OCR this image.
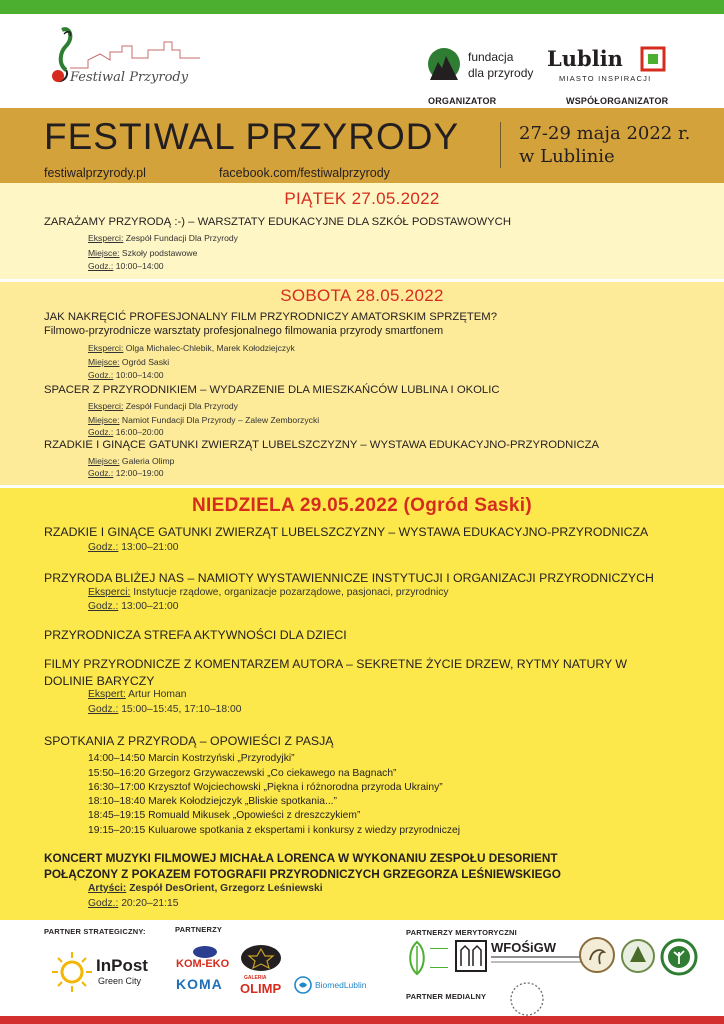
Festiwal Przyrody
fundacja
dla przyrody
Lublin
MIASTO INSPIRACJI
ORGANIZATOR	WSPÓŁORGANIZATOR
FESTIWAL PRZYRODY	27-29 maja 2022 r.
w Lublinie
festiwalprzyrody.pl	facebook.com/festiwalprzyrody
PIĄTEK 27.05.2022
ZARAŻAMY PRZYRODĄ :-) – WARSZTATY EDUKACYJNE DLA SZKÓŁ PODSTAWOWYCH
Eksperci: Zespół Fundacji Dla Przyrody
Miejsce: Szkoły podstawowe
Godz.: 10:00–14:00
SOBOTA 28.05.2022
JAK NAKRĘCIĆ PROFESJONALNY FILM PRZYRODNICZY AMATORSKIM SPRZĘTEM?
Filmowo-przyrodnicze warsztaty profesjonalnego filmowania przyrody smartfonem
Eksperci: Olga Michalec-Chlebik, Marek Kołodziejczyk
Miejsce: Ogród Saski
Godz.: 10:00–14:00
SPACER Z PRZYRODNIKIEM – WYDARZENIE DLA MIESZKAŃCÓW LUBLINA I OKOLIC
Eksperci: Zespół Fundacji Dla Przyrody
Miejsce: Namiot Fundacji Dla Przyrody – Zalew Zemborzycki
Godz.: 16:00–20:00
RZADKIE I GINĄCE GATUNKI ZWIERZĄT LUBELSZCZYZNY – WYSTAWA EDUKACYJNO-PRZYRODNICZA
Miejsce: Galeria Olimp
Godz.: 12:00–19:00
NIEDZIELA 29.05.2022 (Ogród Saski)
RZADKIE I GINĄCE GATUNKI ZWIERZĄT LUBELSZCZYZNY – WYSTAWA EDUKACYJNO-PRZYRODNICZA
Godz.: 13:00–21:00
PRZYRODA BLIŻEJ NAS – NAMIOTY WYSTAWIENNICZE INSTYTUCJI I ORGANIZACJI PRZYRODNICZYCH
Eksperci: Instytucje rządowe, organizacje pozarządowe, pasjonaci, przyrodnicy
Godz.: 13:00–21:00
PRZYRODNICZA STREFA AKTYWNOŚCI DLA DZIECI
FILMY PRZYRODNICZE Z KOMENTARZEM AUTORA – SEKRETNE ŻYCIE DRZEW, RYTMY NATURY W
DOLINIE BARYCZY
Ekspert: Artur Homan
Godz.: 15:00–15:45, 17:10–18:00
SPOTKANIA Z PRZYRODĄ – OPOWIEŚCI Z PASJĄ
14:00–14:50 Marcin Kostrzyński „Przyrodyjki”
15:50–16:20 Grzegorz Grzywaczewski „Co ciekawego na Bagnach”
16:30–17:00 Krzysztof Wojciechowski „Piękna i różnorodna przyroda Ukrainy”
18:10–18:40 Marek Kołodziejczyk „Bliskie spotkania...”
18:45–19:15 Romuald Mikusek „Opowieści z dreszczykiem”
19:15–20:15 Kuluarowe spotkania z ekspertami i konkursy z wiedzy przyrodniczej
KONCERT MUZYKI FILMOWEJ MICHAŁA LORENCA W WYKONANIU ZESPOŁU DESORIENT
POŁĄCZONY Z POKAZEM FOTOGRAFII PRZYRODNICZYCH GRZEGORZA LEŚNIEWSKIEGO
Artyści: Zespół DesOrient, Grzegorz Leśniewski
Godz.: 20:20–21:15
PARTNER STRATEGICZNY:	PARTNERZY	PARTNERZY MERYTORYCZNI
PARTNER MEDIALNY
InPost
Green City
KOM-EKO
KOMA	GALERIA
OLIMP	BiomedLublin
WFOŚiGW
